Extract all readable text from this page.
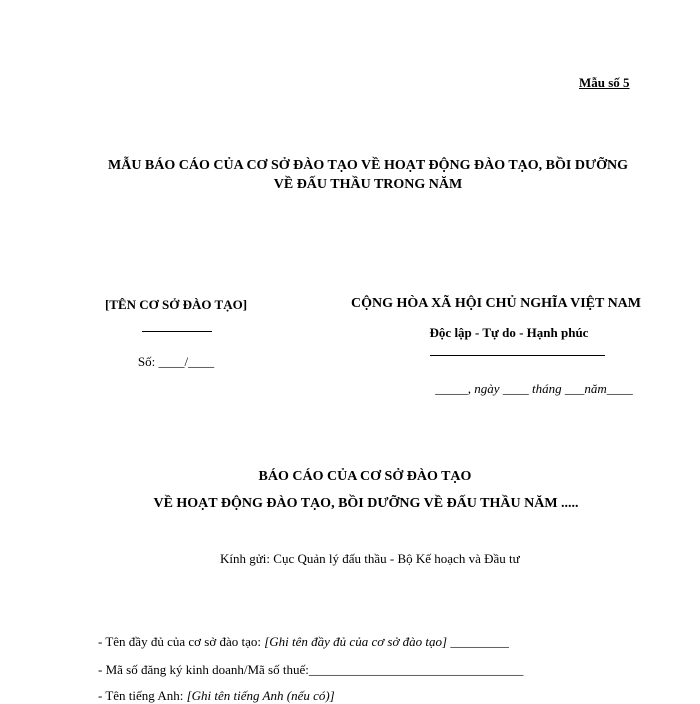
Mẫu số 5
MẪU BÁO CÁO CỦA CƠ SỞ ĐÀO TẠO VỀ HOẠT ĐỘNG ĐÀO TẠO, BỒI DƯỠNG
VỀ ĐẤU THẦU TRONG NĂM
[TÊN CƠ SỞ ĐÀO TẠO]
Số: ____/____
CỘNG HÒA XÃ HỘI CHỦ NGHĨA VIỆT NAM
Độc lập - Tự do - Hạnh phúc
_____, ngày ____ tháng ___năm____
BÁO CÁO CỦA CƠ SỞ ĐÀO TẠO
VỀ HOẠT ĐỘNG ĐÀO TẠO, BỒI DƯỠNG VỀ ĐẤU THẦU NĂM .....
Kính gửi: Cục Quản lý đấu thầu - Bộ Kế hoạch và Đầu tư
- Tên đầy đủ của cơ sở đào tạo: [Ghi tên đầy đủ của cơ sở đào tạo] _________
- Mã số đăng ký kinh doanh/Mã số thuế:_________________________________
- Tên tiếng Anh: [Ghi tên tiếng Anh (nếu có)]
